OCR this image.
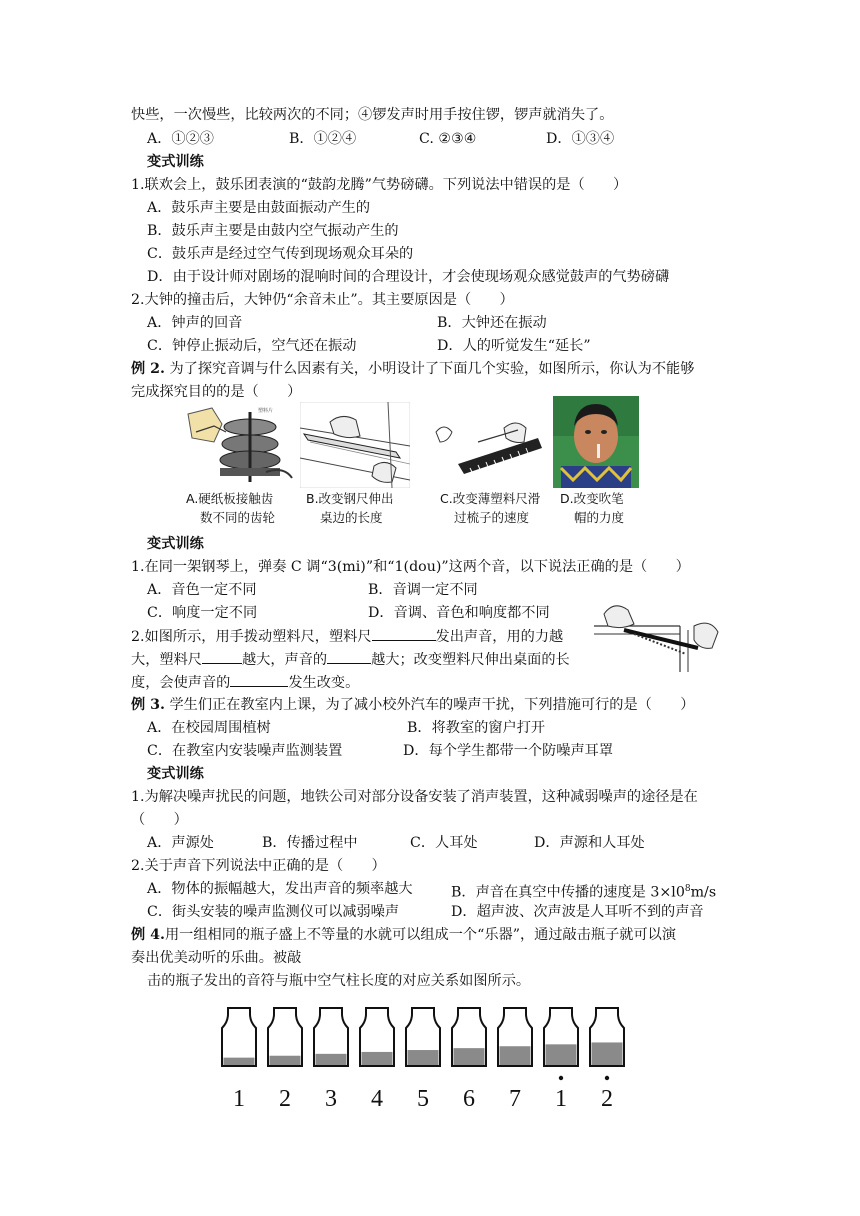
快些，一次慢些，比较两次的不同；④锣发声时用手按住锣，锣声就消失了。
A．①②③	B．①②④	C. ②③④	D．①③④
变式训练
1.联欢会上，鼓乐团表演的“鼓韵龙腾”气势磅礴。下列说法中错误的是（　　）
A．鼓乐声主要是由鼓面振动产生的
B．鼓乐声主要是由鼓内空气振动产生的
C．鼓乐声是经过空气传到现场观众耳朵的
D．由于设计师对剧场的混响时间的合理设计，才会使现场观众感觉鼓声的气势磅礴
2.大钟的撞击后，大钟仍“余音未止”。其主要原因是（　　）
A．钟声的回音	B．大钟还在振动
C．钟停止振动后，空气还在振动	D．人的听觉发生“延长”
例 2. 为了探究音调与什么因素有关，小明设计了下面几个实验，如图所示，你认为不能够
完成探究目的的是（　　）
塑料片
A.硬纸板接触齿
数不同的齿轮
B.改变钢尺伸出
桌边的长度
C.改变薄塑料尺滑
过梳子的速度
D.改变吹笔
帽的力度
变式训练
1.在同一架钢琴上，弹奏 C 调“3(mi)”和“1(dou)”这两个音，以下说法正确的是（　　）
A．音色一定不同	B．音调一定不同
C．响度一定不同	D．音调、音色和响度都不同
2.如图所示，用手拨动塑料尺，塑料尺	发出声音，用的力越
大，塑料尺	越大，声音的	越大；改变塑料尺伸出桌面的长
度，会使声音的	发生改变。
例 3. 学生们正在教室内上课，为了减小校外汽车的噪声干扰，下列措施可行的是（　　）
A．在校园周围植树	B．将教室的窗户打开
C．在教室内安装噪声监测装置	D．每个学生都带一个防噪声耳罩
变式训练
1.为解决噪声扰民的问题，地铁公司对部分设备安装了消声装置，这种减弱噪声的途径是在
（　　）
A．声源处	B．传播过程中	C．人耳处	D．声源和人耳处
2.关于声音下列说法中正确的是（　　）
A．物体的振幅越大，发出声音的频率越大	B．声音在真空中传播的速度是 $3\times l0^8m/s$
C．街头安装的噪声监测仪可以减弱噪声	D．超声波、次声波是人耳听不到的声音
例 4.用一组相同的瓶子盛上不等量的水就可以组成一个“乐器”，通过敲击瓶子就可以演
奏出优美动听的乐曲。被敲
击的瓶子发出的音符与瓶中空气柱长度的对应关系如图所示。
1 2 3 4 5 6 7 1 2
